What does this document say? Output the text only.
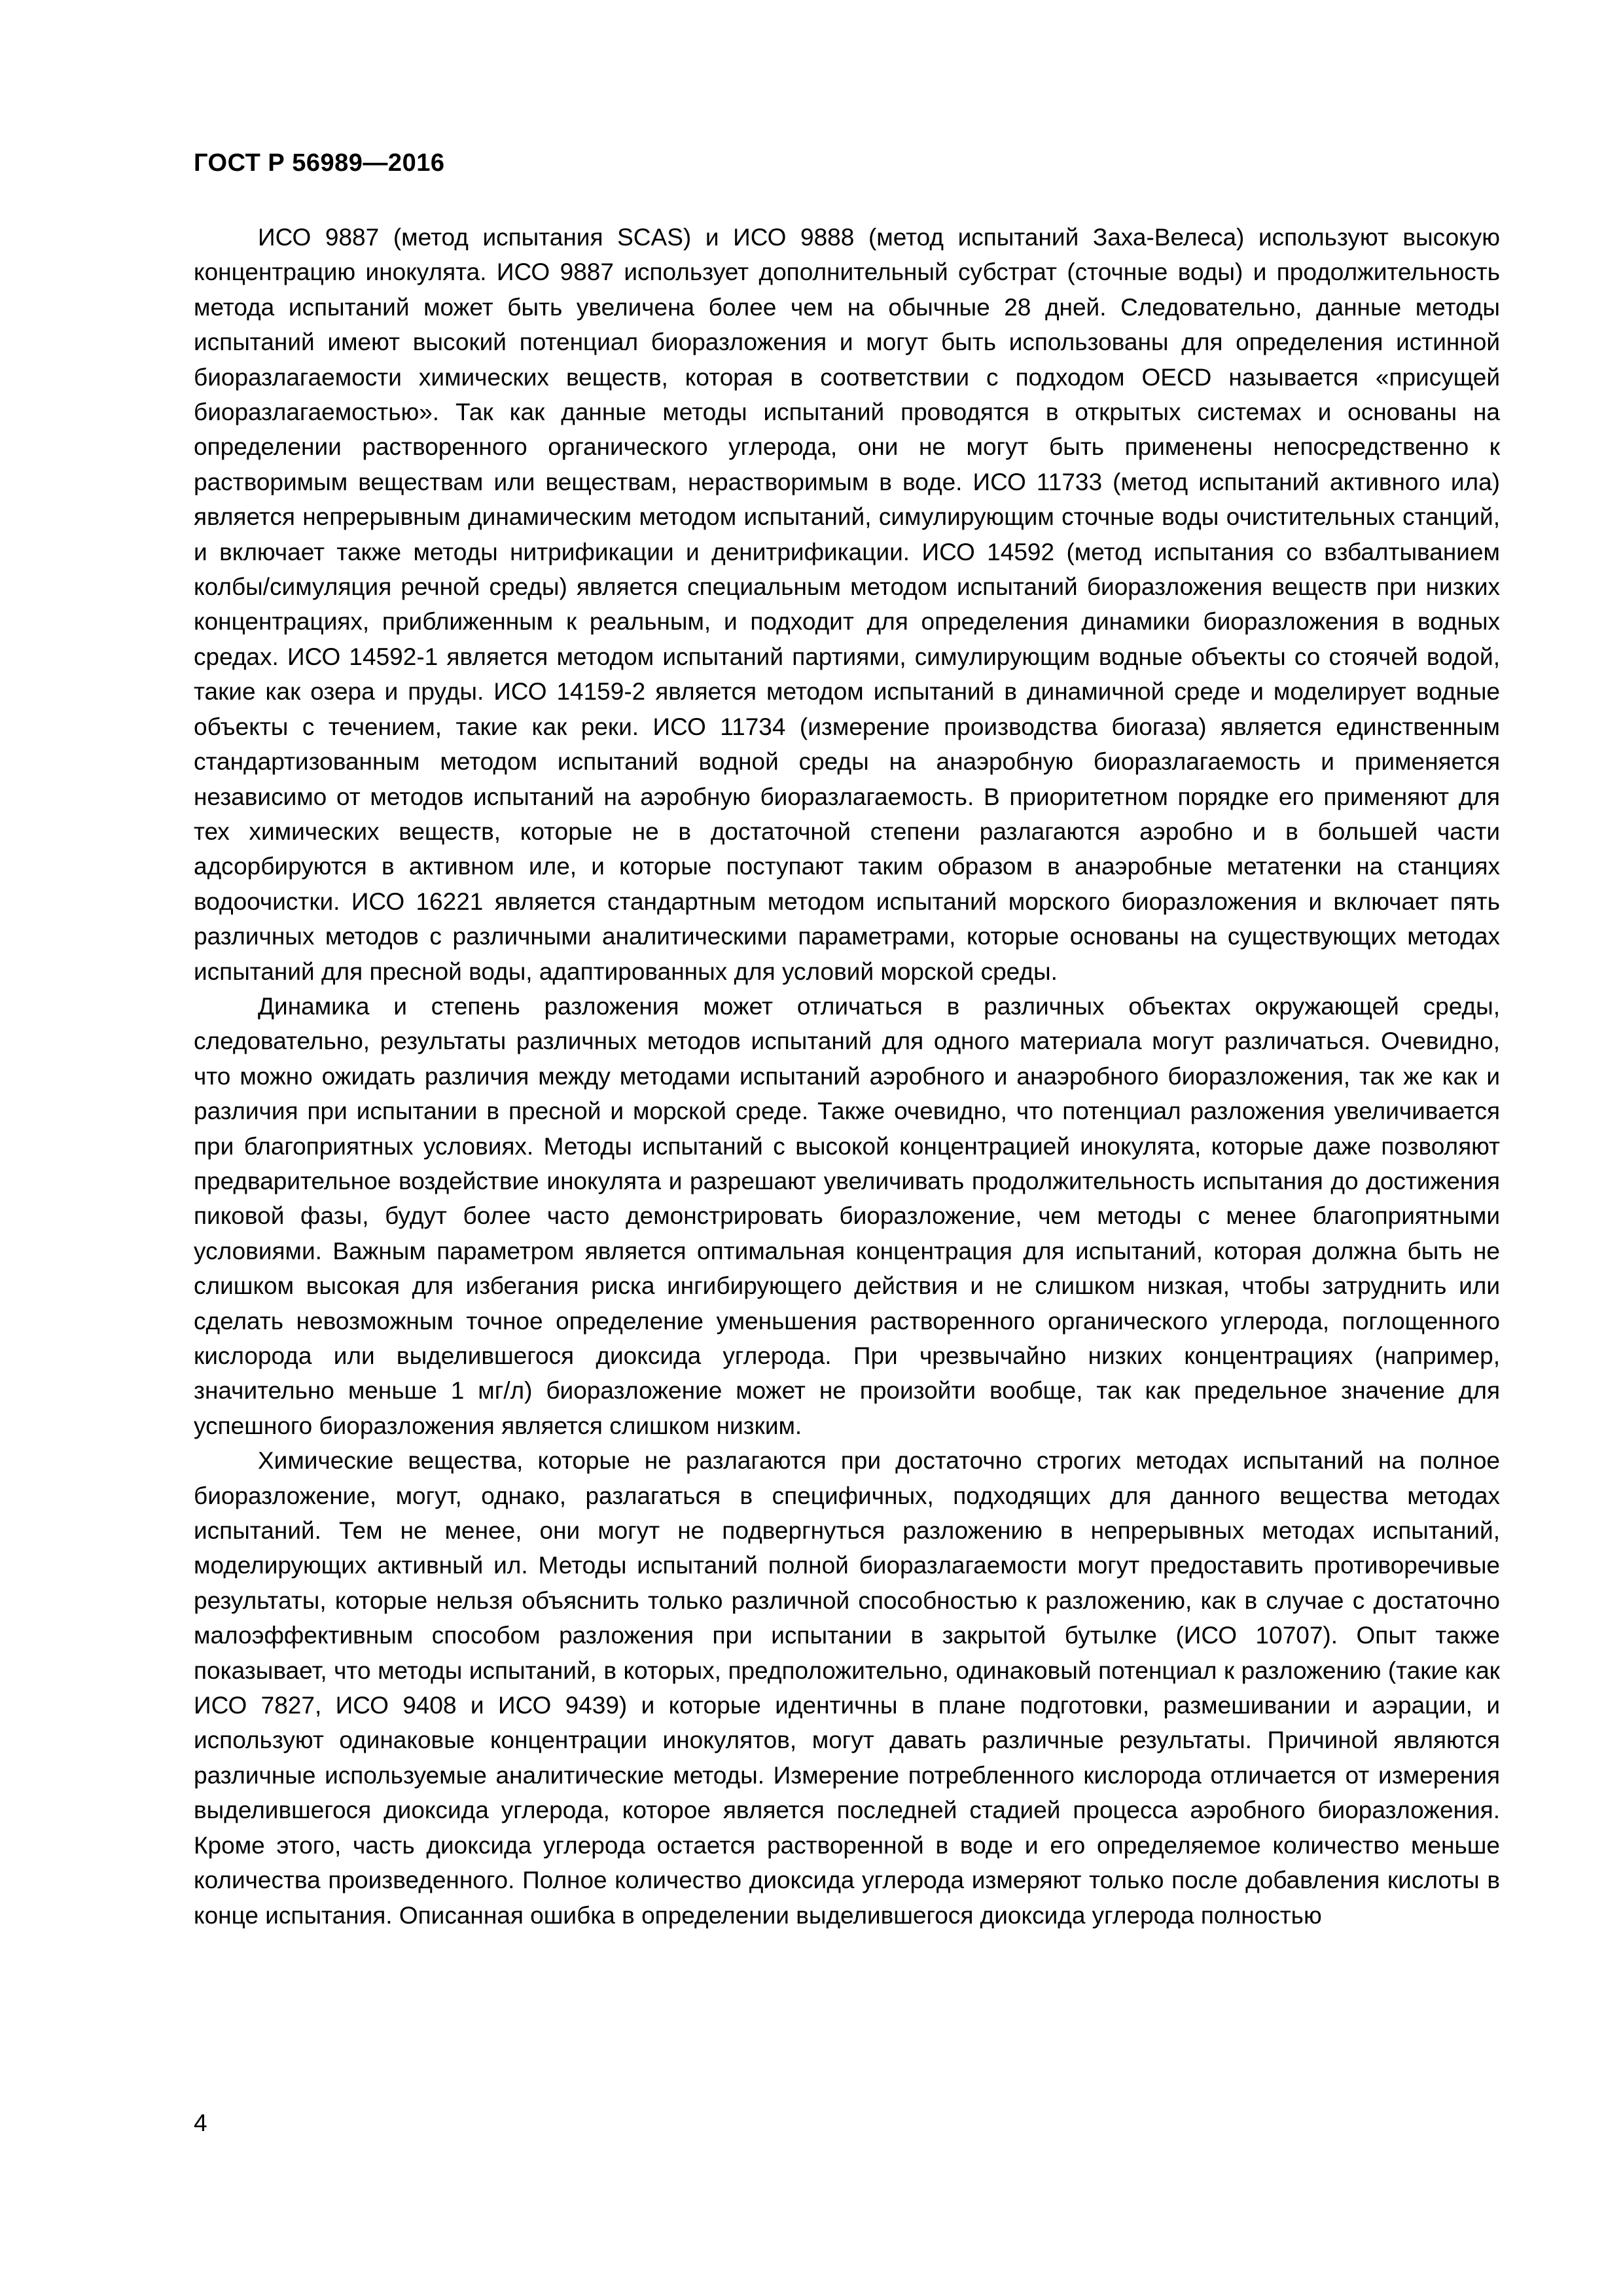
ГОСТ Р 56989—2016

ИСО 9887 (метод испытания SCAS) и ИСО 9888 (метод испытаний Заха-Велеса) используют высокую концентрацию инокулята. ИСО 9887 использует дополнительный субстрат (сточные воды) и продолжительность метода испытаний может быть увеличена более чем на обычные 28 дней. Следовательно, данные методы испытаний имеют высокий потенциал биоразложения и могут быть использованы для определения истинной биоразлагаемости химических веществ, которая в соответствии с подходом OECD называется «присущей биоразлагаемостью». Так как данные методы испытаний проводятся в открытых системах и основаны на определении растворенного органического углерода, они не могут быть применены непосредственно к растворимым веществам или веществам, нерастворимым в воде. ИСО 11733 (метод испытаний активного ила) является непрерывным динамическим методом испытаний, симулирующим сточные воды очистительных станций, и включает также методы нитрификации и денитрификации. ИСО 14592 (метод испытания со взбалтыванием колбы/симуляция речной среды) является специальным методом испытаний биоразложения веществ при низких концентрациях, приближенным к реальным, и подходит для определения динамики биоразложения в водных средах. ИСО 14592-1 является методом испытаний партиями, симулирующим водные объекты со стоячей водой, такие как озера и пруды. ИСО 14159-2 является методом испытаний в динамичной среде и моделирует водные объекты с течением, такие как реки. ИСО 11734 (измерение производства биогаза) является единственным стандартизованным методом испытаний водной среды на анаэробную биоразлагаемость и применяется независимо от методов испытаний на аэробную биоразлагаемость. В приоритетном порядке его применяют для тех химических веществ, которые не в достаточной степени разлагаются аэробно и в большей части адсорбируются в активном иле, и которые поступают таким образом в анаэробные метатенки на станциях водоочистки. ИСО 16221 является стандартным методом испытаний морского биоразложения и включает пять различных методов с различными аналитическими параметрами, которые основаны на существующих методах испытаний для пресной воды, адаптированных для условий морской среды.

Динамика и степень разложения может отличаться в различных объектах окружающей среды, следовательно, результаты различных методов испытаний для одного материала могут различаться. Очевидно, что можно ожидать различия между методами испытаний аэробного и анаэробного биоразложения, так же как и различия при испытании в пресной и морской среде. Также очевидно, что потенциал разложения увеличивается при благоприятных условиях. Методы испытаний с высокой концентрацией инокулята, которые даже позволяют предварительное воздействие инокулята и разрешают увеличивать продолжительность испытания до достижения пиковой фазы, будут более часто демонстрировать биоразложение, чем методы с менее благоприятными условиями. Важным параметром является оптимальная концентрация для испытаний, которая должна быть не слишком высокая для избегания риска ингибирующего действия и не слишком низкая, чтобы затруднить или сделать невозможным точное определение уменьшения растворенного органического углерода, поглощенного кислорода или выделившегося диоксида углерода. При чрезвычайно низких концентрациях (например, значительно меньше 1 мг/л) биоразложение может не произойти вообще, так как предельное значение для успешного биоразложения является слишком низким.

Химические вещества, которые не разлагаются при достаточно строгих методах испытаний на полное биоразложение, могут, однако, разлагаться в специфичных, подходящих для данного вещества методах испытаний. Тем не менее, они могут не подвергнуться разложению в непрерывных методах испытаний, моделирующих активный ил. Методы испытаний полной биоразлагаемости могут предоставить противоречивые результаты, которые нельзя объяснить только различной способностью к разложению, как в случае с достаточно малоэффективным способом разложения при испытании в закрытой бутылке (ИСО 10707). Опыт также показывает, что методы испытаний, в которых, предположительно, одинаковый потенциал к разложению (такие как ИСО 7827, ИСО 9408 и ИСО 9439) и которые идентичны в плане подготовки, размешивании и аэрации, и используют одинаковые концентрации инокулятов, могут давать различные результаты. Причиной являются различные используемые аналитические методы. Измерение потребленного кислорода отличается от измерения выделившегося диоксида углерода, которое является последней стадией процесса аэробного биоразложения. Кроме этого, часть диоксида углерода остается растворенной в воде и его определяемое количество меньше количества произведенного. Полное количество диоксида углерода измеряют только после добавления кислоты в конце испытания. Описанная ошибка в определении выделившегося диоксида углерода полностью

4
